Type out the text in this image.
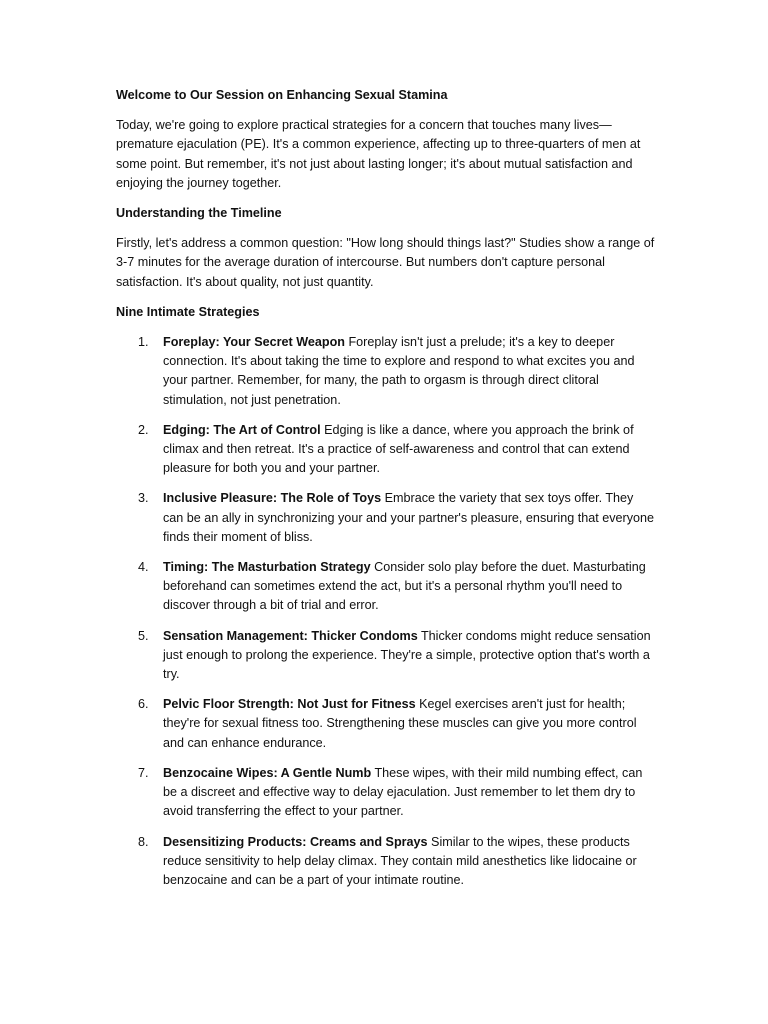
Welcome to Our Session on Enhancing Sexual Stamina

Today, we're going to explore practical strategies for a concern that touches many lives—premature ejaculation (PE). It's a common experience, affecting up to three-quarters of men at some point. But remember, it's not just about lasting longer; it's about mutual satisfaction and enjoying the journey together.

Understanding the Timeline

Firstly, let's address a common question: "How long should things last?" Studies show a range of 3-7 minutes for the average duration of intercourse. But numbers don't capture personal satisfaction. It's about quality, not just quantity.

Nine Intimate Strategies

1. Foreplay: Your Secret Weapon Foreplay isn't just a prelude; it's a key to deeper connection. It's about taking the time to explore and respond to what excites you and your partner. Remember, for many, the path to orgasm is through direct clitoral stimulation, not just penetration.
2. Edging: The Art of Control Edging is like a dance, where you approach the brink of climax and then retreat. It's a practice of self-awareness and control that can extend pleasure for both you and your partner.
3. Inclusive Pleasure: The Role of Toys Embrace the variety that sex toys offer. They can be an ally in synchronizing your and your partner's pleasure, ensuring that everyone finds their moment of bliss.
4. Timing: The Masturbation Strategy Consider solo play before the duet. Masturbating beforehand can sometimes extend the act, but it's a personal rhythm you'll need to discover through a bit of trial and error.
5. Sensation Management: Thicker Condoms Thicker condoms might reduce sensation just enough to prolong the experience. They're a simple, protective option that's worth a try.
6. Pelvic Floor Strength: Not Just for Fitness Kegel exercises aren't just for health; they're for sexual fitness too. Strengthening these muscles can give you more control and can enhance endurance.
7. Benzocaine Wipes: A Gentle Numb These wipes, with their mild numbing effect, can be a discreet and effective way to delay ejaculation. Just remember to let them dry to avoid transferring the effect to your partner.
8. Desensitizing Products: Creams and Sprays Similar to the wipes, these products reduce sensitivity to help delay climax. They contain mild anesthetics like lidocaine or benzocaine and can be a part of your intimate routine.
